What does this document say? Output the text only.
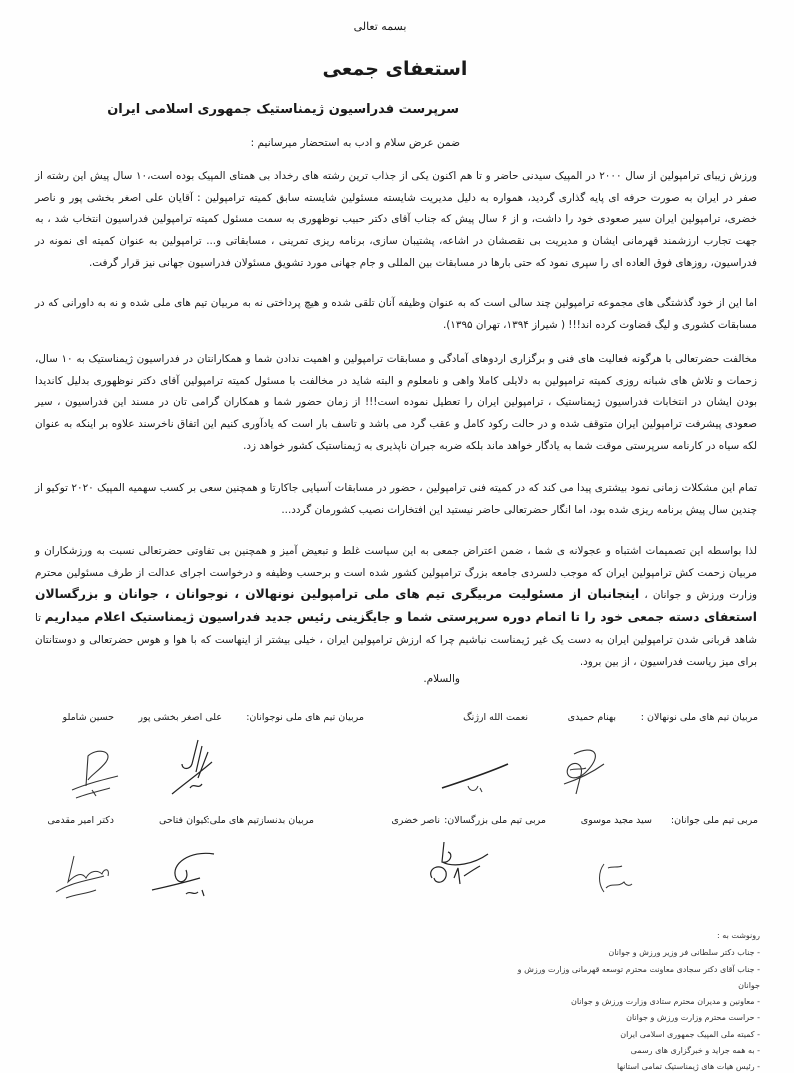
بسمه تعالی
استعفای جمعی
سرپرست فدراسیون ژیمناستیک جمهوری اسلامی ایران
ضمن عرض سلام و ادب به استحضار میرسانیم :
ورزش زیبای ترامپولین از سال ۲۰۰۰ در المپیک سیدنی حاضر و تا هم اکنون یکی از جذاب ترین رشته های رخداد بی همتای المپیک بوده است،۱۰ سال پیش این رشته از صفر در ایران به صورت حرفه ای پایه گذاری گردید، همواره به دلیل مدیریت شایسته مسئولین شایسته سابق کمیته ترامپولین : آقایان علی اصغر بخشی پور و ناصر خضری، ترامپولین ایران سیر صعودی خود را داشت، و از ۶ سال پیش که جناب آقای دکتر حبیب نوظهوری به سمت مسئول کمیته ترامپولین فدراسیون انتخاب شد ، به جهت تجارب ارزشمند قهرمانی ایشان و مدیریت بی نقصشان در اشاعه، پشتیبان سازی، برنامه ریزی تمرینی ، مسابقاتی و... ترامپولین به عنوان کمیته ای نمونه در فدراسیون، روزهای فوق العاده ای را سپری نمود که حتی بارها در مسابقات بین المللی و جام جهانی مورد تشویق مسئولان فدراسیون جهانی نیز قرار گرفت.
اما این از خود گذشتگی های مجموعه ترامپولین چند سالی است که به عنوان وظیفه آنان تلقی شده و هیچ پرداختی نه به مربیان تیم های ملی شده و نه به داورانی که در مسابقات کشوری و لیگ قضاوت کرده اند!!! ( شیراز ۱۳۹۴، تهران ۱۳۹۵).
مخالفت حضرتعالی با هرگونه فعالیت های فنی و برگزاری اردوهای آمادگی و مسابقات ترامپولین و اهمیت ندادن شما و همکارانتان در فدراسیون ژیمناستیک به ۱۰ سال، زحمات و تلاش های شبانه روزی کمیته ترامپولین به دلایلی کاملا واهی و نامعلوم و البته شاید در مخالفت با مسئول کمیته ترامپولین آقای دکتر نوظهوری بدلیل کاندیدا بودن ایشان در انتخابات فدراسیون ژیمناستیک ، ترامپولین ایران را تعطیل نموده است!!! از زمان حضور شما و همکاران گرامی تان در مسند این فدراسیون ، سیر صعودی پیشرفت ترامپولین ایران متوقف شده و در حالت رکود کامل و عقب گرد می باشد و تاسف بار است که یادآوری کنیم این اتفاق ناخرسند علاوه بر اینکه به عنوان لکه سیاه در کارنامه سرپرستی موقت شما به یادگار خواهد ماند بلکه ضربه جبران ناپذیری به ژیمناستیک کشور خواهد زد.
تمام این مشکلات زمانی نمود بیشتری پیدا می کند که در کمیته فنی ترامپولین ، حضور در مسابقات آسیایی جاکارتا و همچنین سعی بر کسب سهمیه المپیک ۲۰۲۰ توکیو از چندین سال پیش برنامه ریزی شده بود، اما انگار حضرتعالی حاضر نیستید این افتخارات نصیب کشورمان گردد...
لذا بواسطه این تصمیمات اشتباه و عجولانه ی شما ، ضمن اعتراض جمعی به این سیاست غلط و تبعیض آمیز و همچنین بی تفاوتی حضرتعالی نسبت به ورزشکاران و مربیان زحمت کش ترامپولین ایران که موجب دلسردی جامعه بزرگ ترامپولین کشور شده است و برحسب وظیفه و درخواست اجرای عدالت از طرف مسئولین محترم وزارت ورزش و جوانان ، اینجانبان از مسئولیت مربیگری تیم های ملی ترامپولین نونهالان ، نوجوانان ، جوانان و بزرگسالان استعفای دسته جمعی خود را تا اتمام دوره سرپرستی شما و جایگزینی رئیس جدید فدراسیون ژیمناستیک اعلام میداریم تا شاهد قربانی شدن ترامپولین ایران به دست یک غیر ژیمناست نباشیم چرا که ارزش ترامپولین ایران ، خیلی بیشتر از اینهاست که با هوا و هوس حضرتعالی و دوستانتان برای میز ریاست فدراسیون ، از بین برود.
والسلام.
مربیان تیم های ملی نونهالان :
بهنام حمیدی
نعمت الله ارژنگ
مربیان تیم های ملی نوجوانان:
علی اصغر بخشی پور
حسین شاملو
مربی تیم ملی جوانان:
سید مجید موسوی
مربی تیم ملی بزرگسالان:
ناصر خضری
مربیان بدنسازتیم های ملی:
کیوان فتاحی
دکتر امیر مقدمی
رونوشت به :
- جناب دکتر سلطانی فر وزیر ورزش و جوانان
- جناب آقای دکتر سجادی معاونت محترم توسعه قهرمانی وزارت ورزش و جوانان
- معاونین و مدیران محترم ستادی وزارت ورزش و جوانان
- حراست محترم وزارت ورزش و جوانان
- کمیته ملی المپیک جمهوری اسلامی ایران
- به همه جراید و خبرگزاری های رسمی
- رئیس هیات های ژیمناستیک تمامی استانها
